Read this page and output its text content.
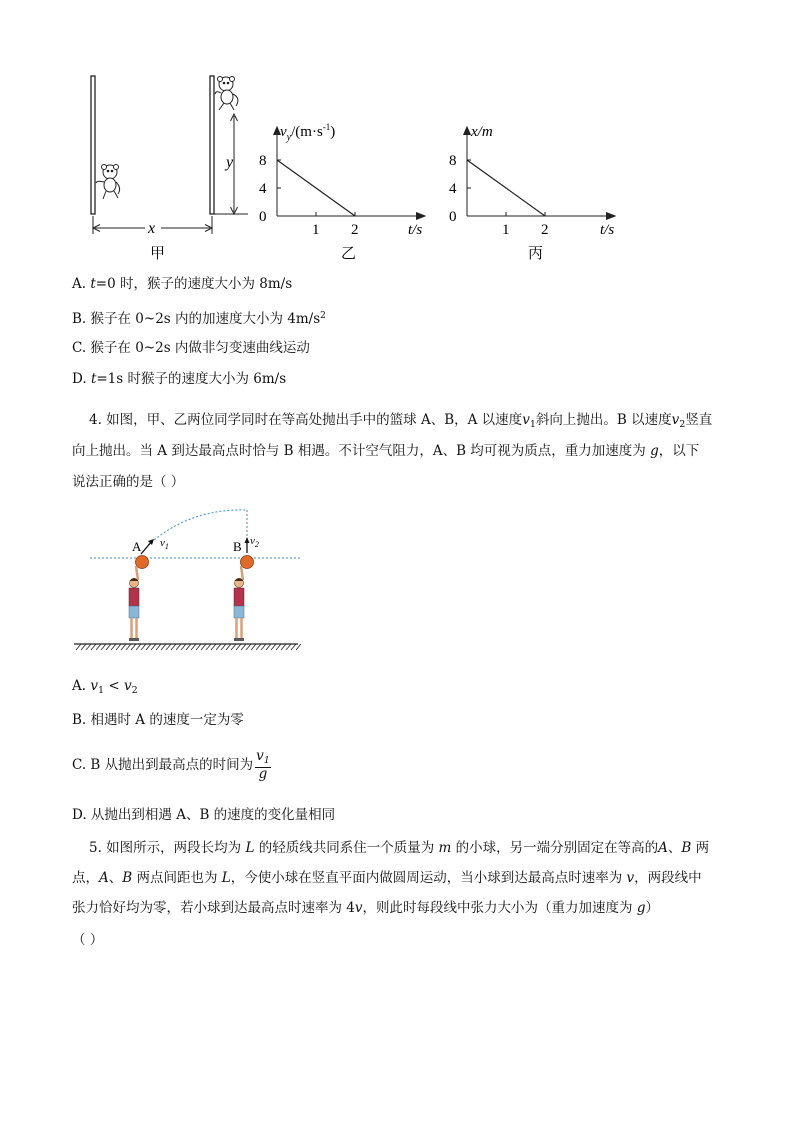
y
x
甲
$v_y/(m\cdot s^{-1})$
8
4
0
1 2	t/s
乙
x/m
8
4
0
1 2	t/s
丙
A. t=0 时，猴子的速度大小为 8m/s
B. 猴子在 0~2s 内的加速度大小为 $4m/s^2$
C. 猴子在 0~2s 内做非匀变速曲线运动
D. t=1s 时猴子的速度大小为 6m/s
4. 如图，甲、乙两位同学同时在等高处抛出手中的篮球 A、B，A 以速度$v_1$斜向上抛出。B 以速度$v_2$竖直
向上抛出。当 A 到达最高点时恰与 B 相遇。不计空气阻力，A、B 均可视为质点，重力加速度为 g，以下
说法正确的是（ ）
A $v_1$	B $v_2$
A. $v_1 < v_2$
B. 相遇时 A 的速度一定为零
C. B 从抛出到最高点的时间为 $\frac{v_1}{g}$
D. 从抛出到相遇 A、B 的速度的变化量相同
5. 如图所示，两段长均为 L 的轻质线共同系住一个质量为 m 的小球，另一端分别固定在等高的A、B 两
点，A、B 两点间距也为 L，今使小球在竖直平面内做圆周运动，当小球到达最高点时速率为 v，两段线中
张力恰好均为零，若小球到达最高点时速率为 4v，则此时每段线中张力大小为（重力加速度为 g）
（ ）
